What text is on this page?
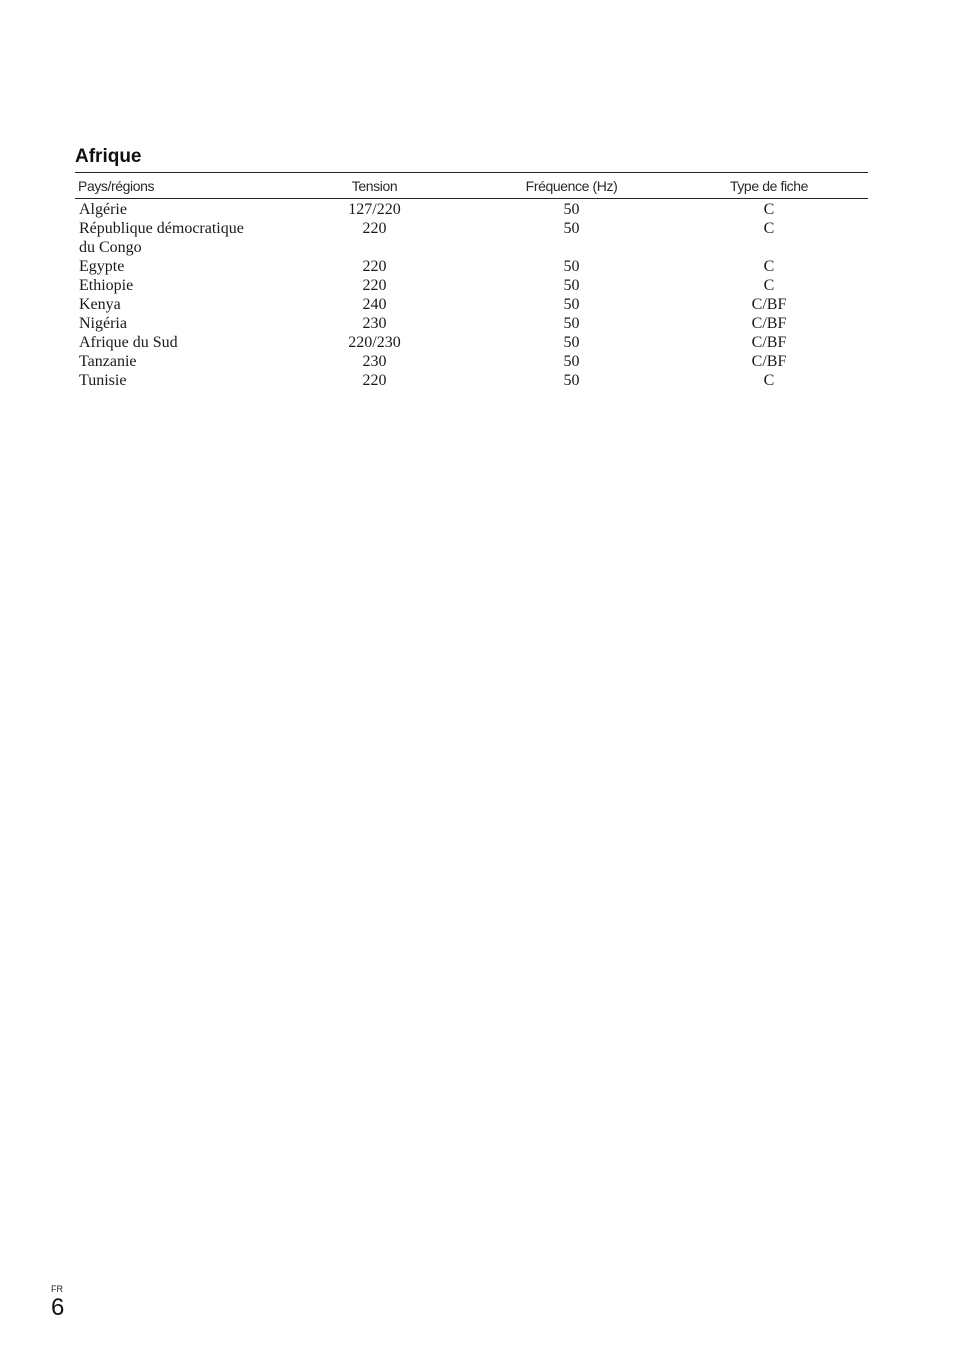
Afrique
Pays/régions	Tension	Fréquence (Hz)	Type de fiche

Algérie	127/220	50	C

République démocratique
du Congo	220	50	C

Egypte	220	50	C

Ethiopie	220	50	C

Kenya	240	50	C/BF

Nigéria	230	50	C/BF

Afrique du Sud	220/230	50	C/BF

Tanzanie	230	50	C/BF

Tunisie	220	50	C
FR
6
